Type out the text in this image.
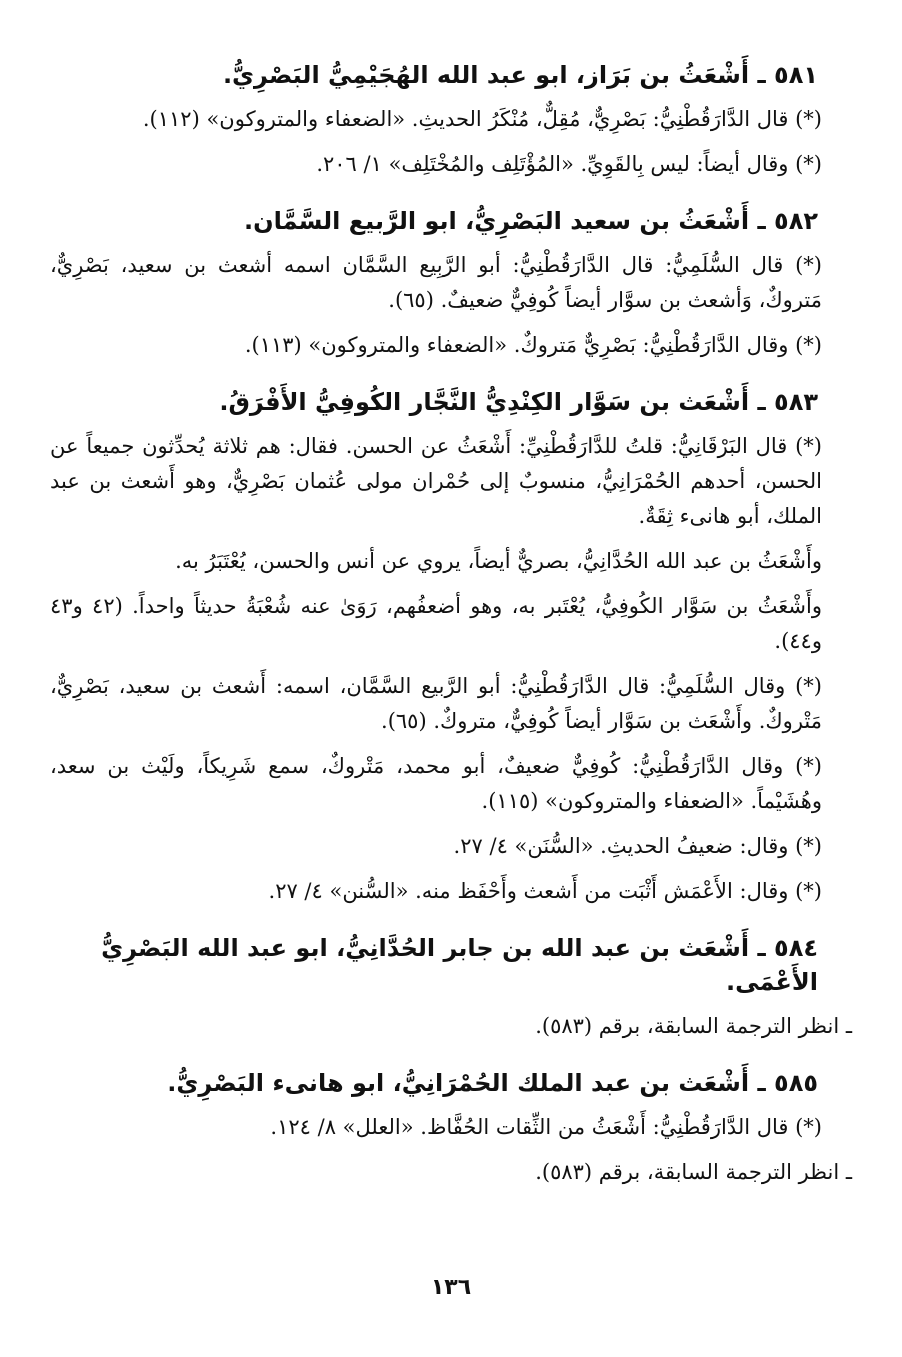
٥٨١ ـ أَشْعَثُ بن بَرَاز، ابو عبد الله الهُجَيْمِيُّ البَصْرِيُّ.

(*) قال الدَّارَقُطْنِيُّ: بَصْرِيٌّ، مُقِلٌّ، مُنْكَرُ الحديثِ. «الضعفاء والمتروكون» (١١٢).

(*) وقال أيضاً: ليس بِالقَوِيِّ. «المُؤْتَلِف والمُخْتَلِف» ١/ ٢٠٦.

٥٨٢ ـ أَشْعَثُ بن سعيد البَصْرِيُّ، ابو الرَّبيع السَّمَّان.

(*) قال السُّلَمِيُّ: قال الدَّارَقُطْنِيُّ: أبو الرَّبِيع السَّمَّان اسمه أشعث بن سعيد، بَصْرِيٌّ، مَتروكٌ، وَأشعث بن سوَّار أيضاً كُوفِيٌّ ضعيفٌ. (٦٥).

(*) وقال الدَّارَقُطْنِيُّ: بَصْرِيٌّ مَتروكٌ. «الضعفاء والمتروكون» (١١٣).

٥٨٣ ـ أَشْعَث بن سَوَّار الكِنْدِيُّ النَّجَّار الكُوفِيُّ الأَفْرَقُ.

(*) قال البَرْقَانِيُّ: قلتُ للدَّارَقُطْنِيِّ: أَشْعَثُ عن الحسن. فقال: هم ثلاثة يُحدِّثون جميعاً عن الحسن، أحدهم الحُمْرَانِيُّ، منسوبٌ إلى حُمْران مولى عُثمان بَصْرِيٌّ، وهو أَشعث بن عبد الملك، أبو هانىء ثِقَةٌ.

وأَشْعَثُ بن عبد الله الحُدَّانِيُّ، بصريٌّ أيضاً، يروي عن أنس والحسن، يُعْتَبَرُ به.

وأَشْعَثُ بن سَوَّار الكُوفِيُّ، يُعْتَبر به، وهو أضعفُهم، رَوَىٰ عنه شُعْبَةُ حديثاً واحداً. (٤٢ و٤٣ و٤٤).

(*) وقال السُّلَمِيُّ: قال الدَّارَقُطْنِيُّ: أبو الرَّبيع السَّمَّان، اسمه: أَشعث بن سعيد، بَصْرِيٌّ، مَتْروكٌ. وأَشْعَث بن سَوَّار أيضاً كُوفِيٌّ، متروكٌ. (٦٥).

(*) وقال الدَّارَقُطْنِيُّ: كُوفِيٌّ ضعيفٌ، أبو محمد، مَتْروكٌ، سمع شَرِيكاً، ولَيْث بن سعد، وهُشَيْماً. «الضعفاء والمتروكون» (١١٥).

(*) وقال: ضعيفُ الحديثِ. «السُّنَن» ٤/ ٢٧.

(*) وقال: الأَعْمَش أَثْبَت من أَشعث وأَحْفَظ منه. «السُّنن» ٤/ ٢٧.

٥٨٤ ـ أَشْعَث بن عبد الله بن جابر الحُدَّانِيُّ، ابو عبد الله البَصْرِيُّ الأَعْمَى.

ـ انظر الترجمة السابقة، برقم (٥٨٣).

٥٨٥ ـ أَشْعَث بن عبد الملك الحُمْرَانِيُّ، ابو هانىء البَصْرِيُّ.

(*) قال الدَّارَقُطْنِيُّ: أَشْعَثُ من الثِّقات الحُفَّاظ. «العلل» ٨/ ١٢٤.

ـ انظر الترجمة السابقة، برقم (٥٨٣).

١٣٦
